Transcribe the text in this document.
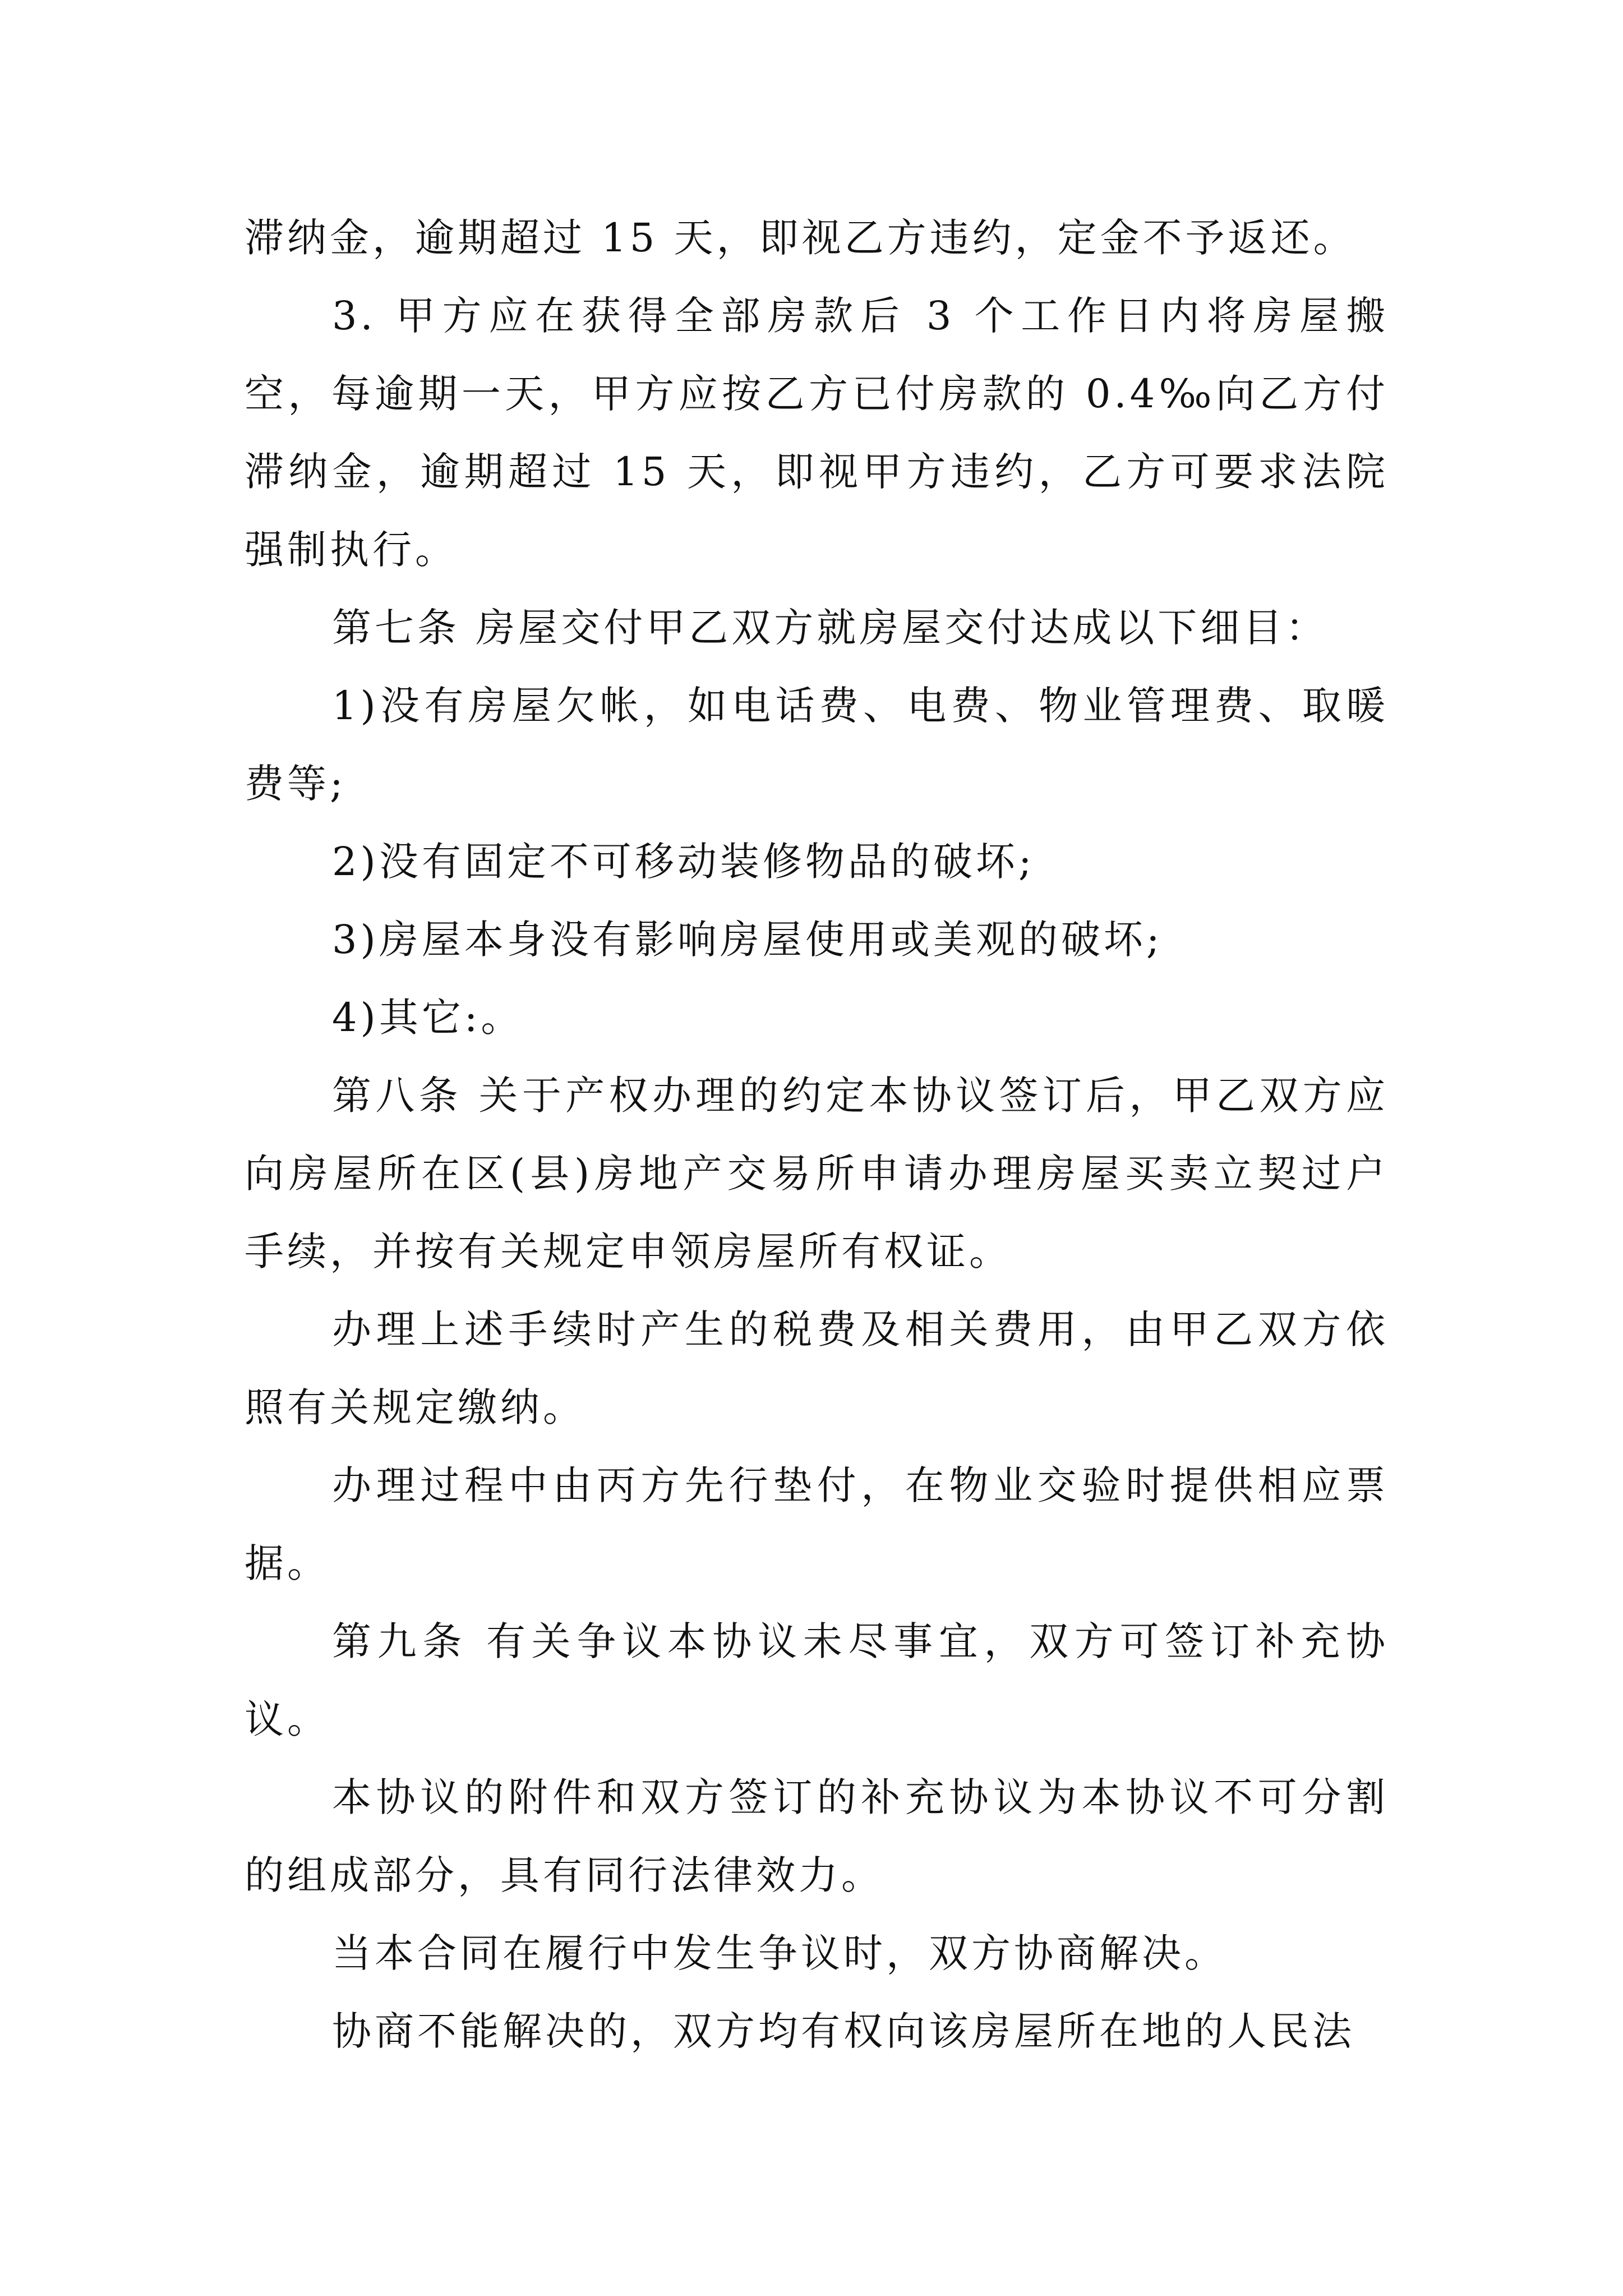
滞纳金，逾期超过 15 天，即视乙方违约，定金不予返还。

3. 甲方应在获得全部房款后 3 个工作日内将房屋搬空，每逾期一天，甲方应按乙方已付房款的 0.4‰向乙方付滞纳金，逾期超过 15 天，即视甲方违约，乙方可要求法院强制执行。

第七条 房屋交付甲乙双方就房屋交付达成以下细目：

1)没有房屋欠帐，如电话费、电费、物业管理费、取暖费等;

2)没有固定不可移动装修物品的破坏;

3)房屋本身没有影响房屋使用或美观的破坏;

4)其它:。

第八条 关于产权办理的约定本协议签订后，甲乙双方应向房屋所在区(县)房地产交易所申请办理房屋买卖立契过户手续，并按有关规定申领房屋所有权证。

办理上述手续时产生的税费及相关费用，由甲乙双方依照有关规定缴纳。

办理过程中由丙方先行垫付，在物业交验时提供相应票据。

第九条 有关争议本协议未尽事宜，双方可签订补充协议。

本协议的附件和双方签订的补充协议为本协议不可分割的组成部分，具有同行法律效力。

当本合同在履行中发生争议时，双方协商解决。

协商不能解决的，双方均有权向该房屋所在地的人民法
